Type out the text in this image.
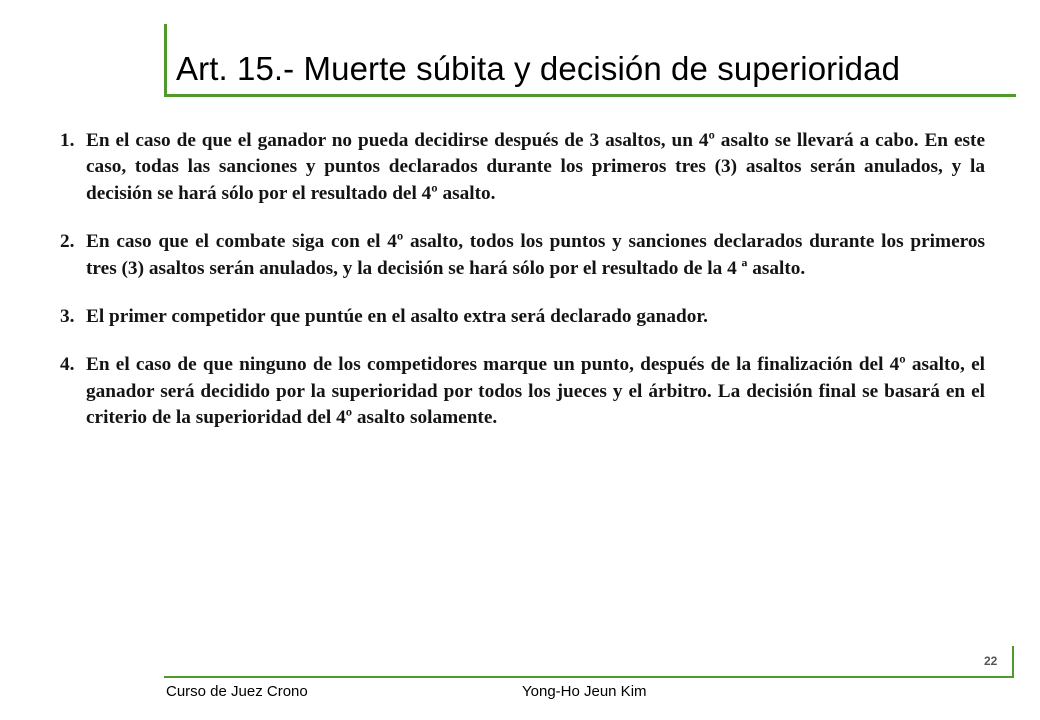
Art. 15.- Muerte súbita y decisión de superioridad
1. En el caso de que el ganador no pueda decidirse después de 3 asaltos, un 4º asalto se llevará a cabo. En este caso, todas las sanciones y puntos declarados durante los primeros tres (3) asaltos serán anulados, y la decisión se hará sólo por el resultado del 4º asalto.
2. En caso que el combate siga con el 4º asalto, todos los puntos y sanciones declarados durante los primeros tres (3) asaltos serán anulados, y la decisión se hará sólo por el resultado de la 4 ª asalto.
3. El primer competidor que puntúe en el asalto extra será declarado ganador.
4. En el caso de que ninguno de los competidores marque un punto, después de la finalización del 4º asalto, el ganador será decidido por la superioridad por todos los jueces y el árbitro. La decisión final se basará en el criterio de la superioridad del 4º asalto solamente.
22
Curso de Juez Crono	Yong-Ho Jeun Kim
